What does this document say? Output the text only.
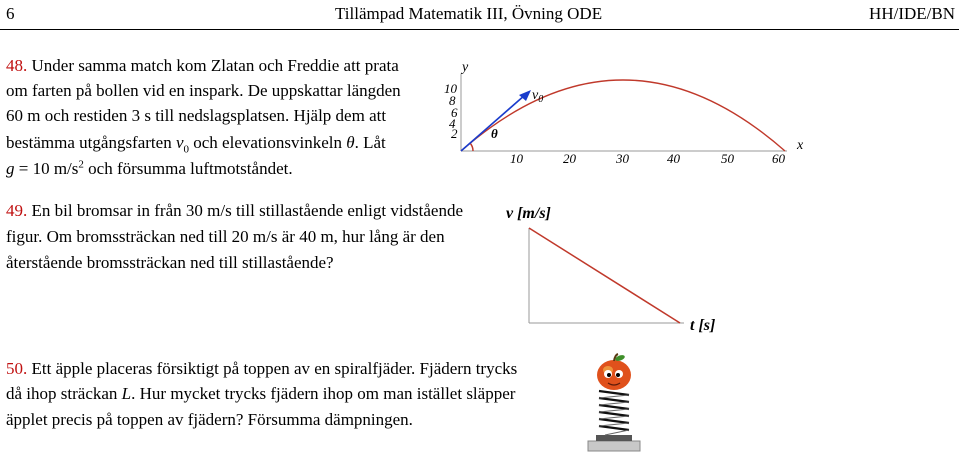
6	Tillämpad Matematik III, Övning ODE	HH/IDE/BN
48. Under samma match kom Zlatan och Freddie att prata
om farten på bollen vid en inspark. De uppskattar längden
60 m och restiden 3 s till nedslagsplatsen. Hjälp dem att
bestämma utgångsfarten $v_0$ och elevationsvinkeln θ. Låt
g = 10 $m/s^2$ och försumma luftmotståndet.
y
x
10
8
6
4
2
10	20	30	40	50	60
$v_0$
θ
49. En bil bromsar in från 30 m/s till stillastående enligt vidstående
figur. Om bromssträckan ned till 20 m/s är 40 m, hur lång är den
återstående bromssträckan ned till stillastående?
v [m/s]
t [s]
50. Ett äpple placeras försiktigt på toppen av en spiralfjäder. Fjädern trycks
då ihop sträckan L. Hur mycket trycks fjädern ihop om man istället släpper
äpplet precis på toppen av fjädern? Försumma dämpningen.
